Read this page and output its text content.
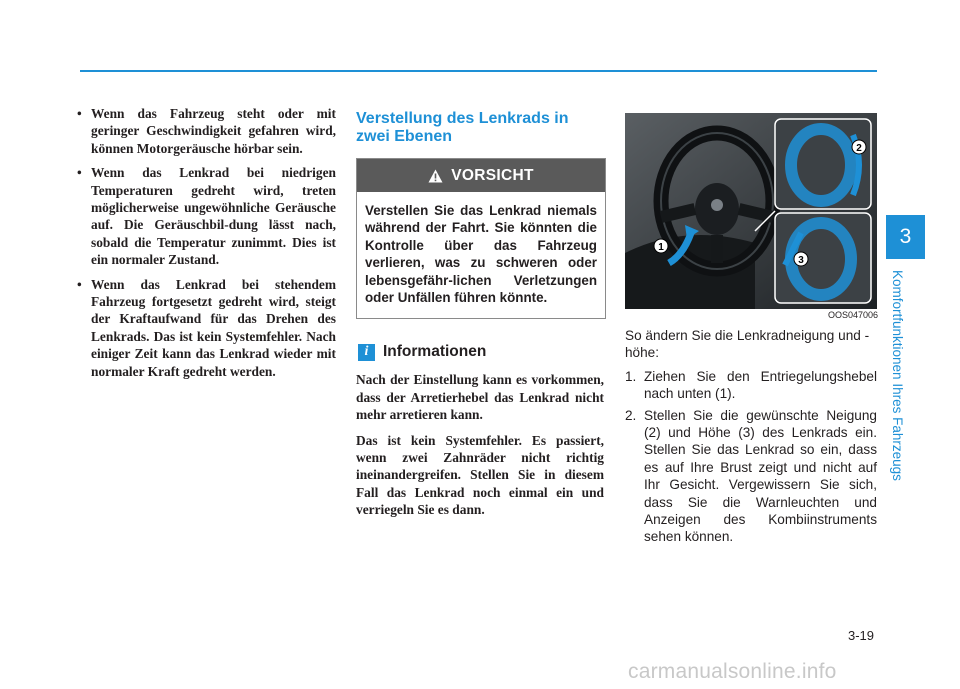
• Wenn das Fahrzeug steht oder mit geringer Geschwindigkeit gefahren wird, können Motorgeräusche hörbar sein.
• Wenn das Lenkrad bei niedrigen Temperaturen gedreht wird, treten möglicherweise ungewöhnliche Geräusche auf. Die Geräuschbil-dung lässt nach, sobald die Temperatur zunimmt. Dies ist ein normaler Zustand.
• Wenn das Lenkrad bei stehendem Fahrzeug fortgesetzt gedreht wird, steigt der Kraftaufwand für das Drehen des Lenkrads. Das ist kein Systemfehler. Nach einiger Zeit kann das Lenkrad wieder mit normaler Kraft gedreht werden.
Verstellung des Lenkrads in zwei Ebenen
VORSICHT
Verstellen Sie das Lenkrad niemals während der Fahrt. Sie könnten die Kontrolle über das Fahrzeug verlieren, was zu schweren oder lebensgefähr-lichen Verletzungen oder Unfällen führen könnte.
i Informationen

Nach der Einstellung kann es vorkommen, dass der Arretierhebel das Lenkrad nicht mehr arretieren kann.

Das ist kein Systemfehler. Es passiert, wenn zwei Zahnräder nicht richtig ineinandergreifen. Stellen Sie in diesem Fall das Lenkrad noch einmal ein und verriegeln Sie es dann.

1
2
3
OOS047006

So ändern Sie die Lenkradneigung und -höhe:

1. Ziehen Sie den Entriegelungshebel nach unten (1).
2. Stellen Sie die gewünschte Neigung (2) und Höhe (3) des Lenkrads ein. Stellen Sie das Lenkrad so ein, dass es auf Ihre Brust zeigt und nicht auf Ihr Gesicht. Vergewissern Sie sich, dass Sie die Warnleuchten und Anzeigen des Kombiinstruments sehen können.
3
Komfortfunktionen Ihres Fahrzeugs
3-19
carmanualsonline.info
